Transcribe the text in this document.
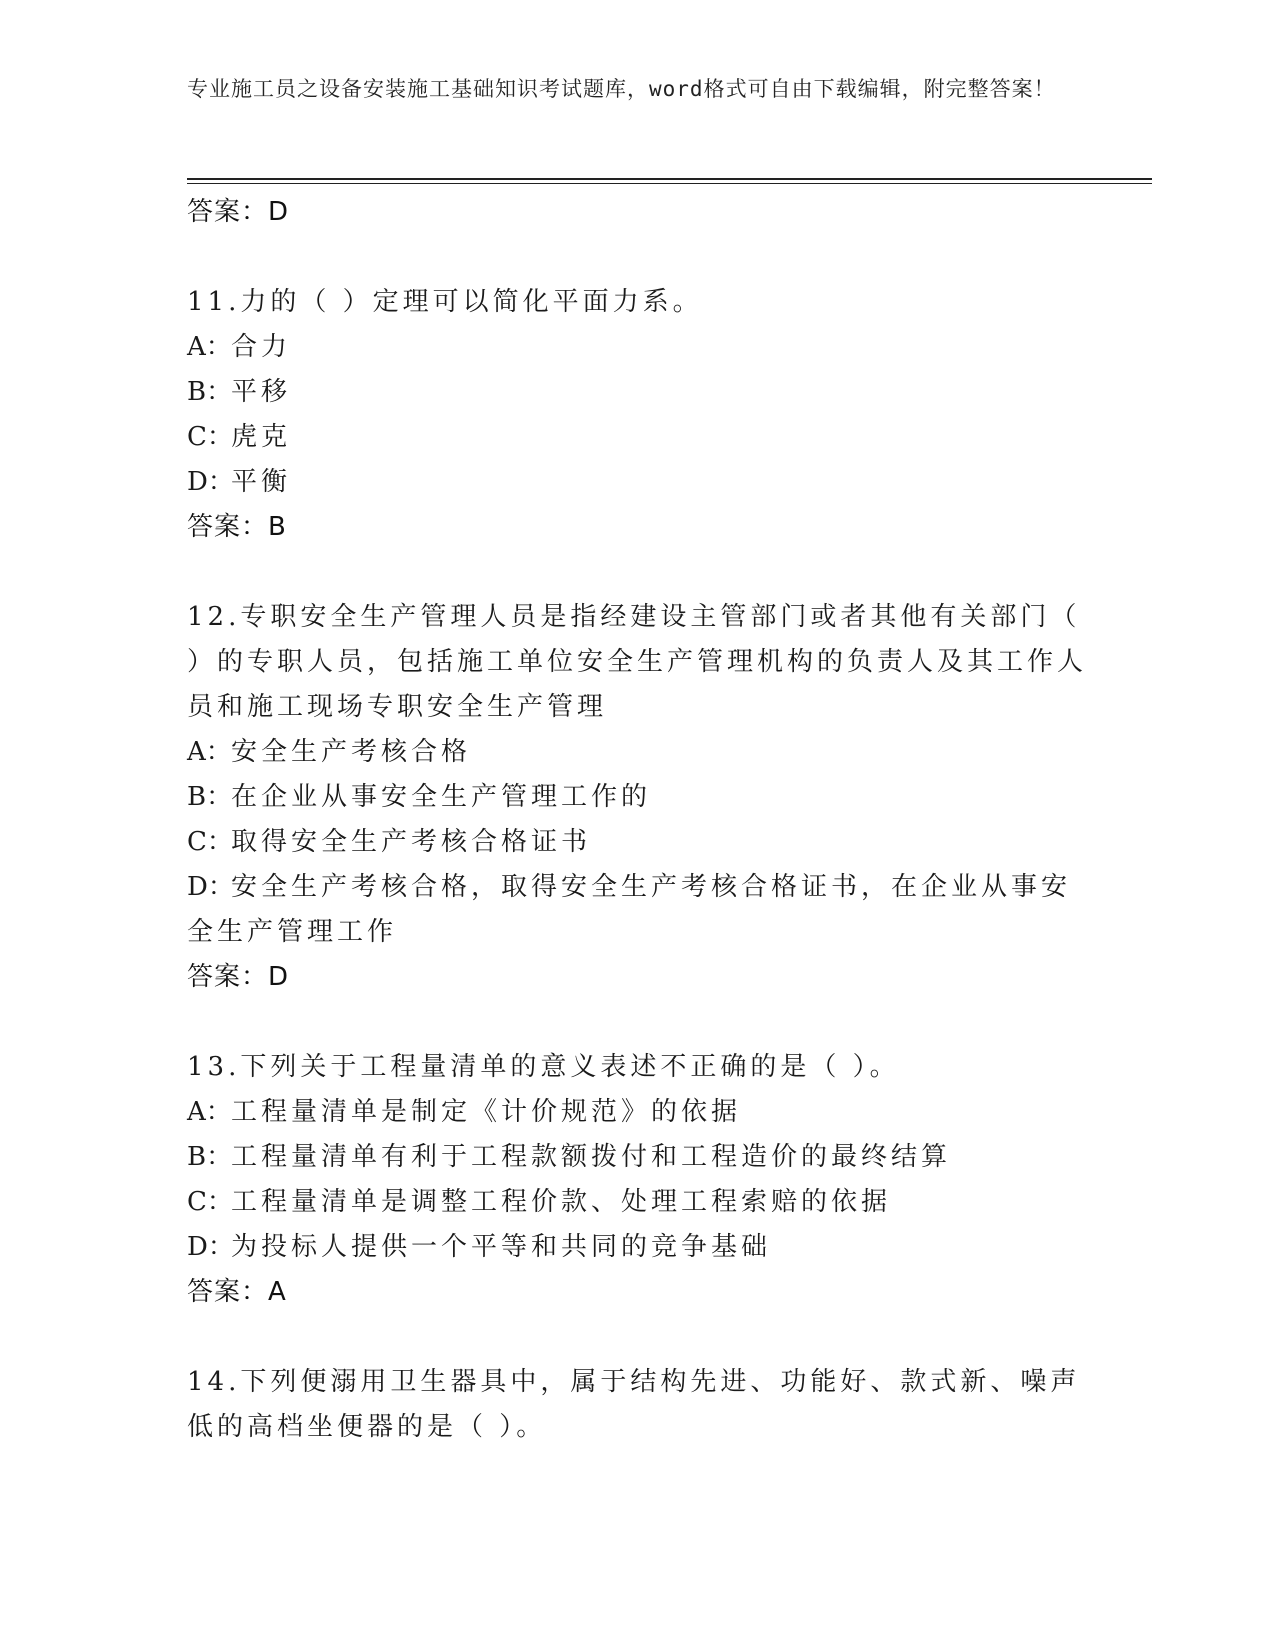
专业施工员之设备安装施工基础知识考试题库，word格式可自由下载编辑，附完整答案！
答案：D
11.力的（ ）定理可以简化平面力系。
A：合力
B：平移
C：虎克
D：平衡
答案：B
12.专职安全生产管理人员是指经建设主管部门或者其他有关部门（ ）的专职人员，包括施工单位安全生产管理机构的负责人及其工作人员和施工现场专职安全生产管理
A：安全生产考核合格
B：在企业从事安全生产管理工作的
C：取得安全生产考核合格证书
D：安全生产考核合格，取得安全生产考核合格证书，在企业从事安全生产管理工作
答案：D
13.下列关于工程量清单的意义表述不正确的是（ ）。
A：工程量清单是制定《计价规范》的依据
B：工程量清单有利于工程款额拨付和工程造价的最终结算
C：工程量清单是调整工程价款、处理工程索赔的依据
D：为投标人提供一个平等和共同的竞争基础
答案：A
14.下列便溺用卫生器具中，属于结构先进、功能好、款式新、噪声低的高档坐便器的是（ ）。
